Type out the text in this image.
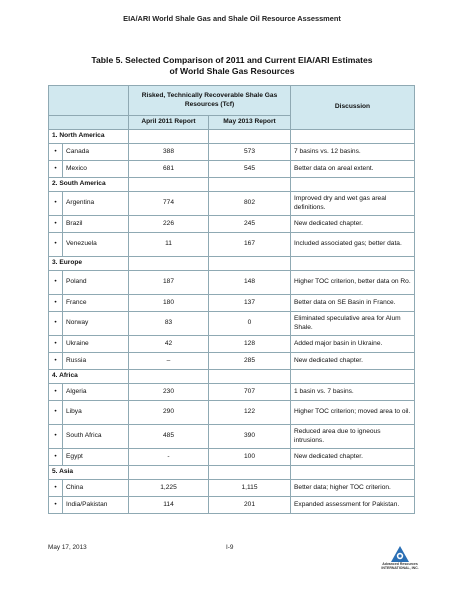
EIA/ARI World Shale Gas and Shale Oil Resource Assessment
Table 5. Selected Comparison of 2011 and Current EIA/ARI Estimates
of World Shale Gas Resources
		Risked, Technically Recoverable Shale Gas Resources (Tcf)		Discussion
		April 2011 Report	May 2013 Report	
1. North America				
•	Canada	388	573	7 basins vs. 12 basins.
•	Mexico	681	545	Better data on areal extent.
2. South America				
•	Argentina	774	802	Improved dry and wet gas areal definitions.
•	Brazil	226	245	New dedicated chapter.
•	Venezuela	11	167	Included associated gas; better data.
3. Europe				
•	Poland	187	148	Higher TOC criterion, better data on Ro.
•	France	180	137	Better data on SE Basin in France.
•	Norway	83	0	Eliminated speculative area for Alum Shale.
•	Ukraine	42	128	Added major basin in Ukraine.
•	Russia	–	285	New dedicated chapter.
4. Africa				
•	Algeria	230	707	1 basin vs. 7 basins.
•	Libya	290	122	Higher TOC criterion; moved area to oil.
•	South Africa	485	390	Reduced area due to igneous intrusions.
•	Egypt	-	100	New dedicated chapter.
5. Asia				
•	China	1,225	1,115	Better data; higher TOC criterion.
•	India/Pakistan	114	201	Expanded assessment for Pakistan.
May 17, 2013	I-9
Advanced Resources
INTERNATIONAL, INC.
